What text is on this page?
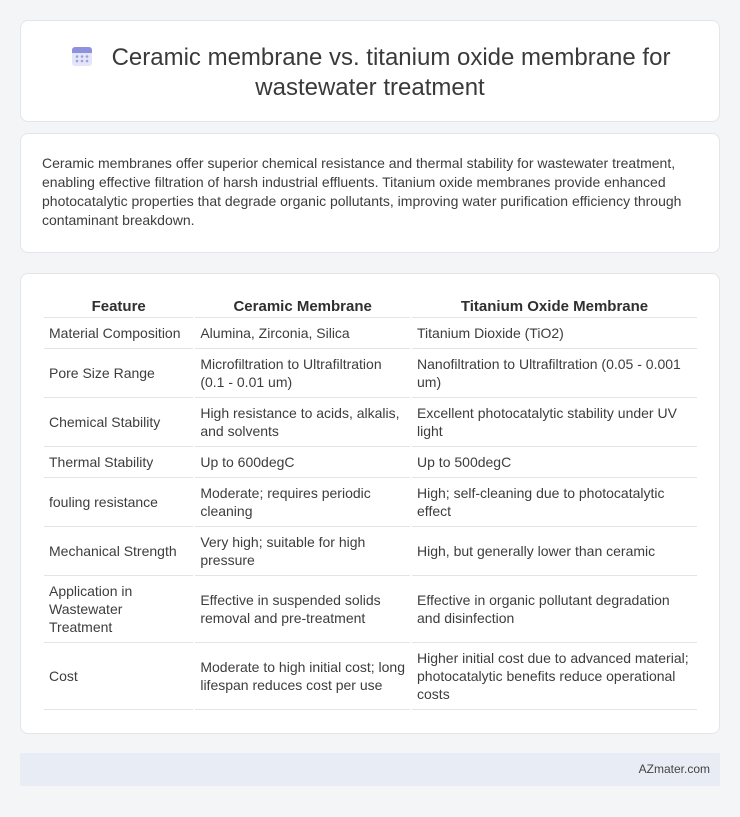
Ceramic membrane vs. titanium oxide membrane for wastewater treatment

Ceramic membranes offer superior chemical resistance and thermal stability for wastewater treatment, enabling effective filtration of harsh industrial effluents. Titanium oxide membranes provide enhanced photocatalytic properties that degrade organic pollutants, improving water purification efficiency through contaminant breakdown.

Feature	Ceramic Membrane	Titanium Oxide Membrane
Material Composition	Alumina, Zirconia, Silica	Titanium Dioxide (TiO2)
Pore Size Range	Microfiltration to Ultrafiltration (0.1 - 0.01 um)	Nanofiltration to Ultrafiltration (0.05 - 0.001 um)
Chemical Stability	High resistance to acids, alkalis, and solvents	Excellent photocatalytic stability under UV light
Thermal Stability	Up to 600degC	Up to 500degC
fouling resistance	Moderate; requires periodic cleaning	High; self-cleaning due to photocatalytic effect
Mechanical Strength	Very high; suitable for high pressure	High, but generally lower than ceramic
Application in Wastewater Treatment	Effective in suspended solids removal and pre-treatment	Effective in organic pollutant degradation and disinfection
Cost	Moderate to high initial cost; long lifespan reduces cost per use	Higher initial cost due to advanced material; photocatalytic benefits reduce operational costs
AZmater.com
